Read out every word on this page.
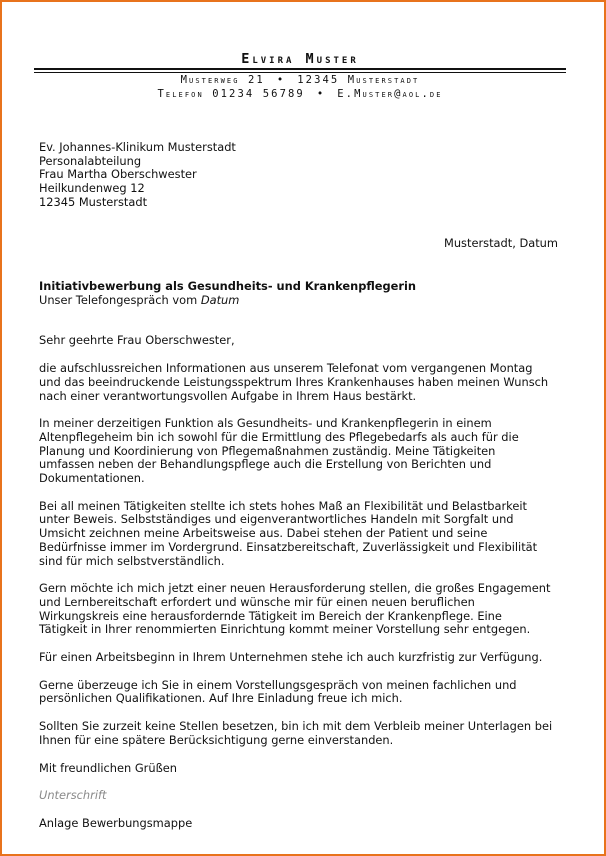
Elvira Muster
Musterweg 21 • 12345 Musterstadt
Telefon 01234 56789 • E.Muster@aol.de

Ev. Johannes-Klinikum Musterstadt

Personalabteilung

Frau Martha Oberschwester

Heilkundenweg 12

12345 Musterstadt

Musterstadt, Datum

Initiativbewerbung als Gesundheits- und Krankenpflegerin

Unser Telefongespräch vom Datum

Sehr geehrte Frau Oberschwester,

die aufschlussreichen Informationen aus unserem Telefonat vom vergangenen Montag

und das beeindruckende Leistungsspektrum Ihres Krankenhauses haben meinen Wunsch

nach einer verantwortungsvollen Aufgabe in Ihrem Haus bestärkt.

In meiner derzeitigen Funktion als Gesundheits- und Krankenpflegerin in einem

Altenpflegeheim bin ich sowohl für die Ermittlung des Pflegebedarfs als auch für die

Planung und Koordinierung von Pflegemaßnahmen zuständig. Meine Tätigkeiten

umfassen neben der Behandlungspflege auch die Erstellung von Berichten und

Dokumentationen.

Bei all meinen Tätigkeiten stellte ich stets hohes Maß an Flexibilität und Belastbarkeit

unter Beweis. Selbstständiges und eigenverantwortliches Handeln mit Sorgfalt und

Umsicht zeichnen meine Arbeitsweise aus. Dabei stehen der Patient und seine

Bedürfnisse immer im Vordergrund. Einsatzbereitschaft, Zuverlässigkeit und Flexibilität

sind für mich selbstverständlich.

Gern möchte ich mich jetzt einer neuen Herausforderung stellen, die großes Engagement

und Lernbereitschaft erfordert und wünsche mir für einen neuen beruflichen

Wirkungskreis eine herausfordernde Tätigkeit im Bereich der Krankenpflege. Eine

Tätigkeit in Ihrer renommierten Einrichtung kommt meiner Vorstellung sehr entgegen.

Für einen Arbeitsbeginn in Ihrem Unternehmen stehe ich auch kurzfristig zur Verfügung.

Gerne überzeuge ich Sie in einem Vorstellungsgespräch von meinen fachlichen und

persönlichen Qualifikationen. Auf Ihre Einladung freue ich mich.

Sollten Sie zurzeit keine Stellen besetzen, bin ich mit dem Verbleib meiner Unterlagen bei

Ihnen für eine spätere Berücksichtigung gerne einverstanden.

Mit freundlichen Grüßen

Unterschrift

Anlage Bewerbungsmappe
